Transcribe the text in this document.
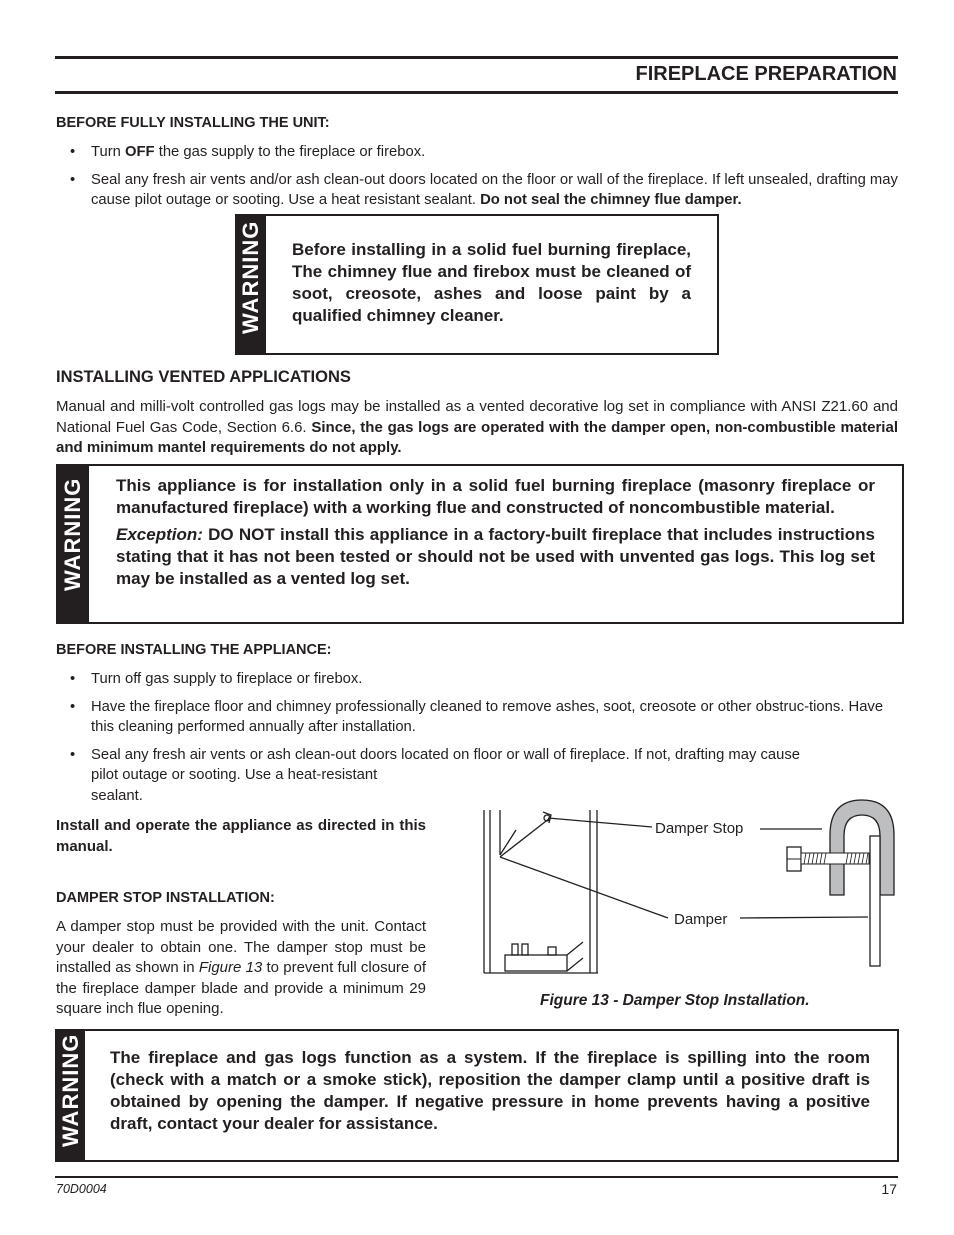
FIREPLACE PREPARATION
BEFORE FULLY INSTALLING THE UNIT:
• Turn OFF the gas supply to the fireplace or firebox.
• Seal any fresh air vents and/or ash clean-out doors located on the floor or wall of the fireplace. If left unsealed, drafting may cause pilot outage or sooting. Use a heat resistant sealant. Do not seal the chimney flue damper.
WARNING Before installing in a solid fuel burning fireplace, The chimney flue and firebox must be cleaned of soot, creosote, ashes and loose paint by a qualified chimney cleaner.
INSTALLING VENTED APPLICATIONS
Manual and milli-volt controlled gas logs may be installed as a vented decorative log set in compliance with ANSI Z21.60 and National Fuel Gas Code, Section 6.6. Since, the gas logs are operated with the damper open, non-combustible material and minimum mantel requirements do not apply.
WARNING This appliance is for installation only in a solid fuel burning fireplace (masonry fireplace or manufactured fireplace) with a working flue and constructed of noncombustible material.
Exception: DO NOT install this appliance in a factory-built fireplace that includes instructions stating that it has not been tested or should not be used with unvented gas logs. This log set may be installed as a vented log set.
BEFORE INSTALLING THE APPLIANCE:
• Turn off gas supply to fireplace or firebox.
• Have the fireplace floor and chimney professionally cleaned to remove ashes, soot, creosote or other obstruc-tions. Have this cleaning performed annually after installation.
• Seal any fresh air vents or ash clean-out doors located on floor or wall of fireplace. If not, drafting may cause
pilot outage or sooting. Use a heat-resistant
sealant.
Install and operate the appliance as directed in this manual.
DAMPER STOP INSTALLATION:
A damper stop must be provided with the unit. Contact your dealer to obtain one. The damper stop must be installed as shown in Figure 13 to prevent full closure of the fireplace damper blade and provide a minimum 29 square inch flue opening.
Damper Stop
Damper
Figure 13 - Damper Stop Installation.
WARNING The fireplace and gas logs function as a system. If the fireplace is spilling into the room (check with a match or a smoke stick), reposition the damper clamp until a positive draft is obtained by opening the damper. If negative pressure in home prevents having a positive draft, contact your dealer for assistance.
70D0004	17
